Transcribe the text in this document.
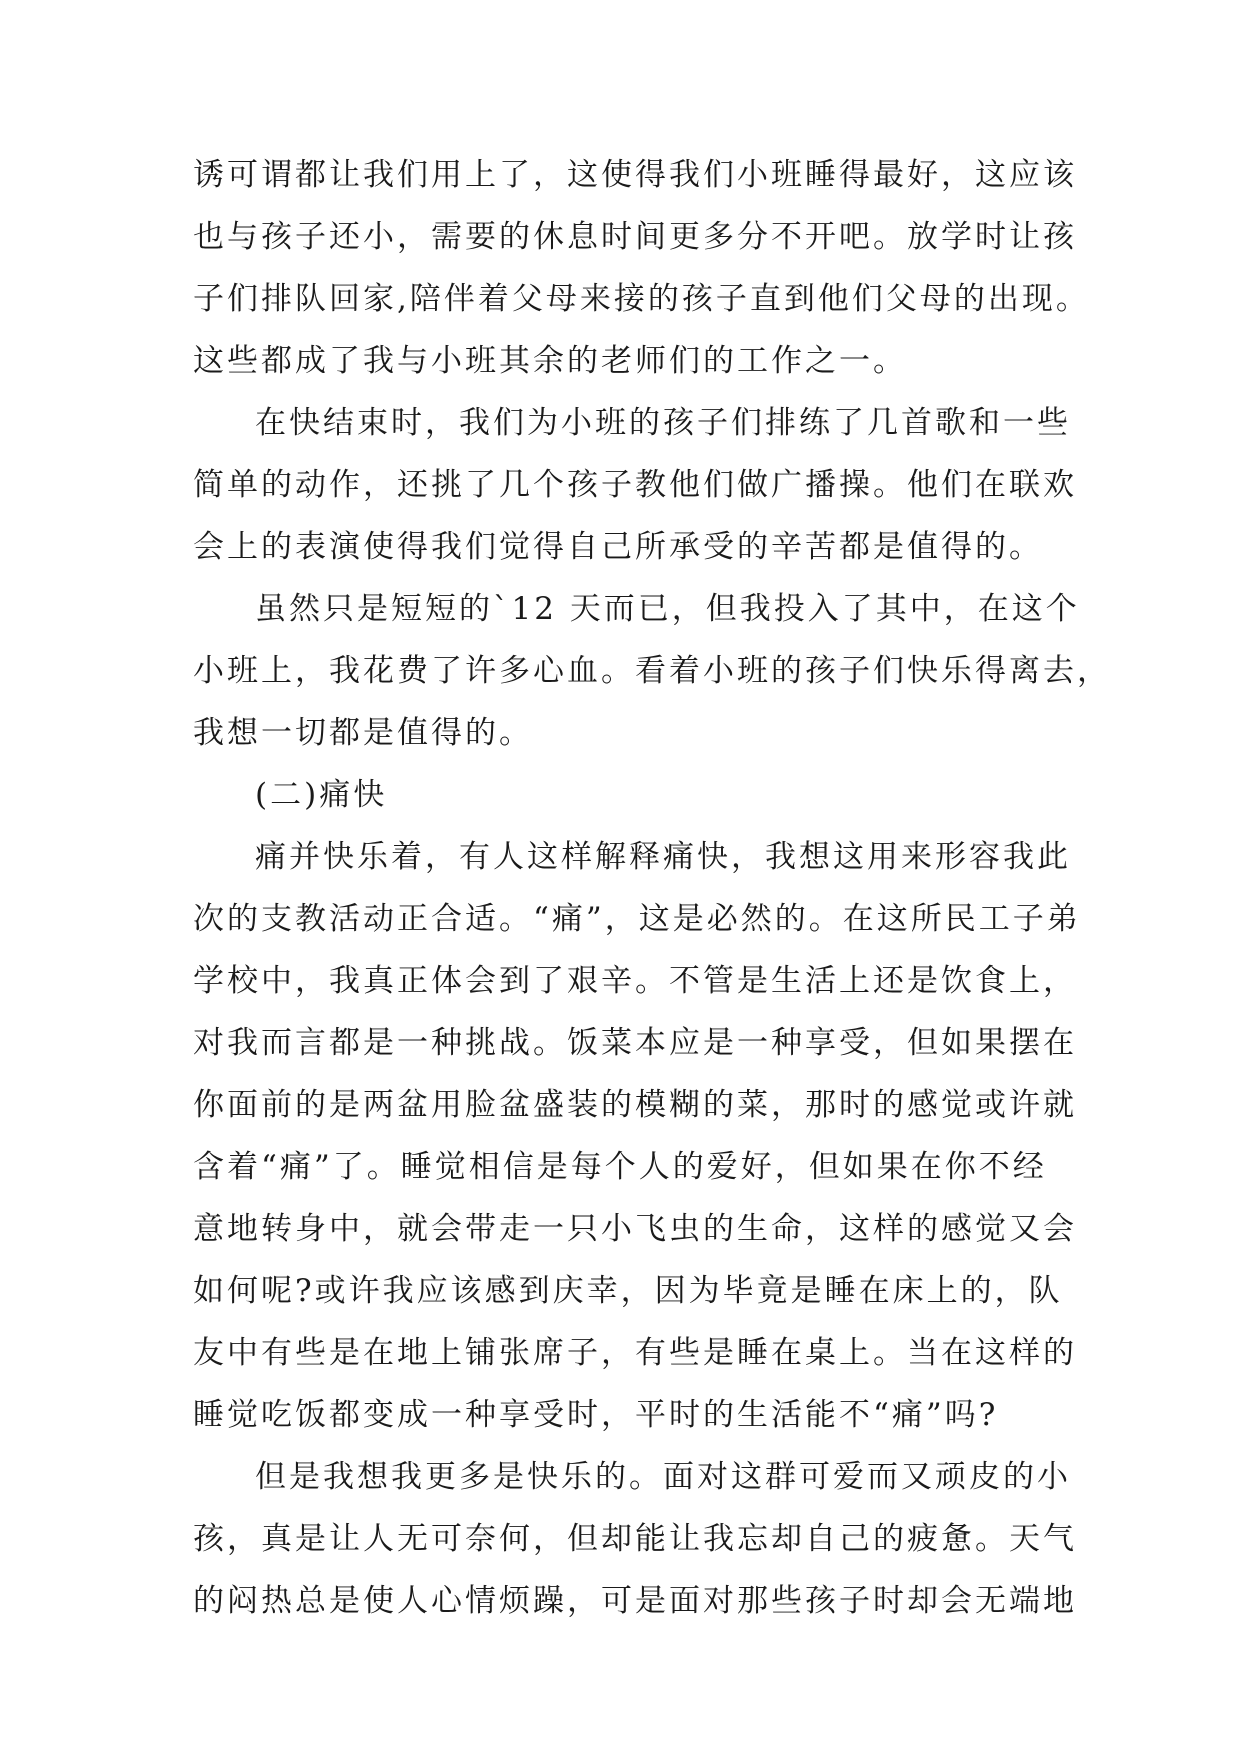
诱可谓都让我们用上了，这使得我们小班睡得最好，这应该
也与孩子还小，需要的休息时间更多分不开吧。放学时让孩
子们排队回家,陪伴着父母来接的孩子直到他们父母的出现。
这些都成了我与小班其余的老师们的工作之一。
在快结束时，我们为小班的孩子们排练了几首歌和一些
简单的动作，还挑了几个孩子教他们做广播操。他们在联欢
会上的表演使得我们觉得自己所承受的辛苦都是值得的。
虽然只是短短的`12 天而已，但我投入了其中，在这个
小班上，我花费了许多心血。看着小班的孩子们快乐得离去，
我想一切都是值得的。
(二)痛快
痛并快乐着，有人这样解释痛快，我想这用来形容我此
次的支教活动正合适。“痛”，这是必然的。在这所民工子弟
学校中，我真正体会到了艰辛。不管是生活上还是饮食上，
对我而言都是一种挑战。饭菜本应是一种享受，但如果摆在
你面前的是两盆用脸盆盛装的模糊的菜，那时的感觉或许就
含着“痛”了。睡觉相信是每个人的爱好，但如果在你不经
意地转身中，就会带走一只小飞虫的生命，这样的感觉又会
如何呢?或许我应该感到庆幸，因为毕竟是睡在床上的，队
友中有些是在地上铺张席子，有些是睡在桌上。当在这样的
睡觉吃饭都变成一种享受时，平时的生活能不“痛”吗?
但是我想我更多是快乐的。面对这群可爱而又顽皮的小
孩，真是让人无可奈何，但却能让我忘却自己的疲惫。天气
的闷热总是使人心情烦躁，可是面对那些孩子时却会无端地
